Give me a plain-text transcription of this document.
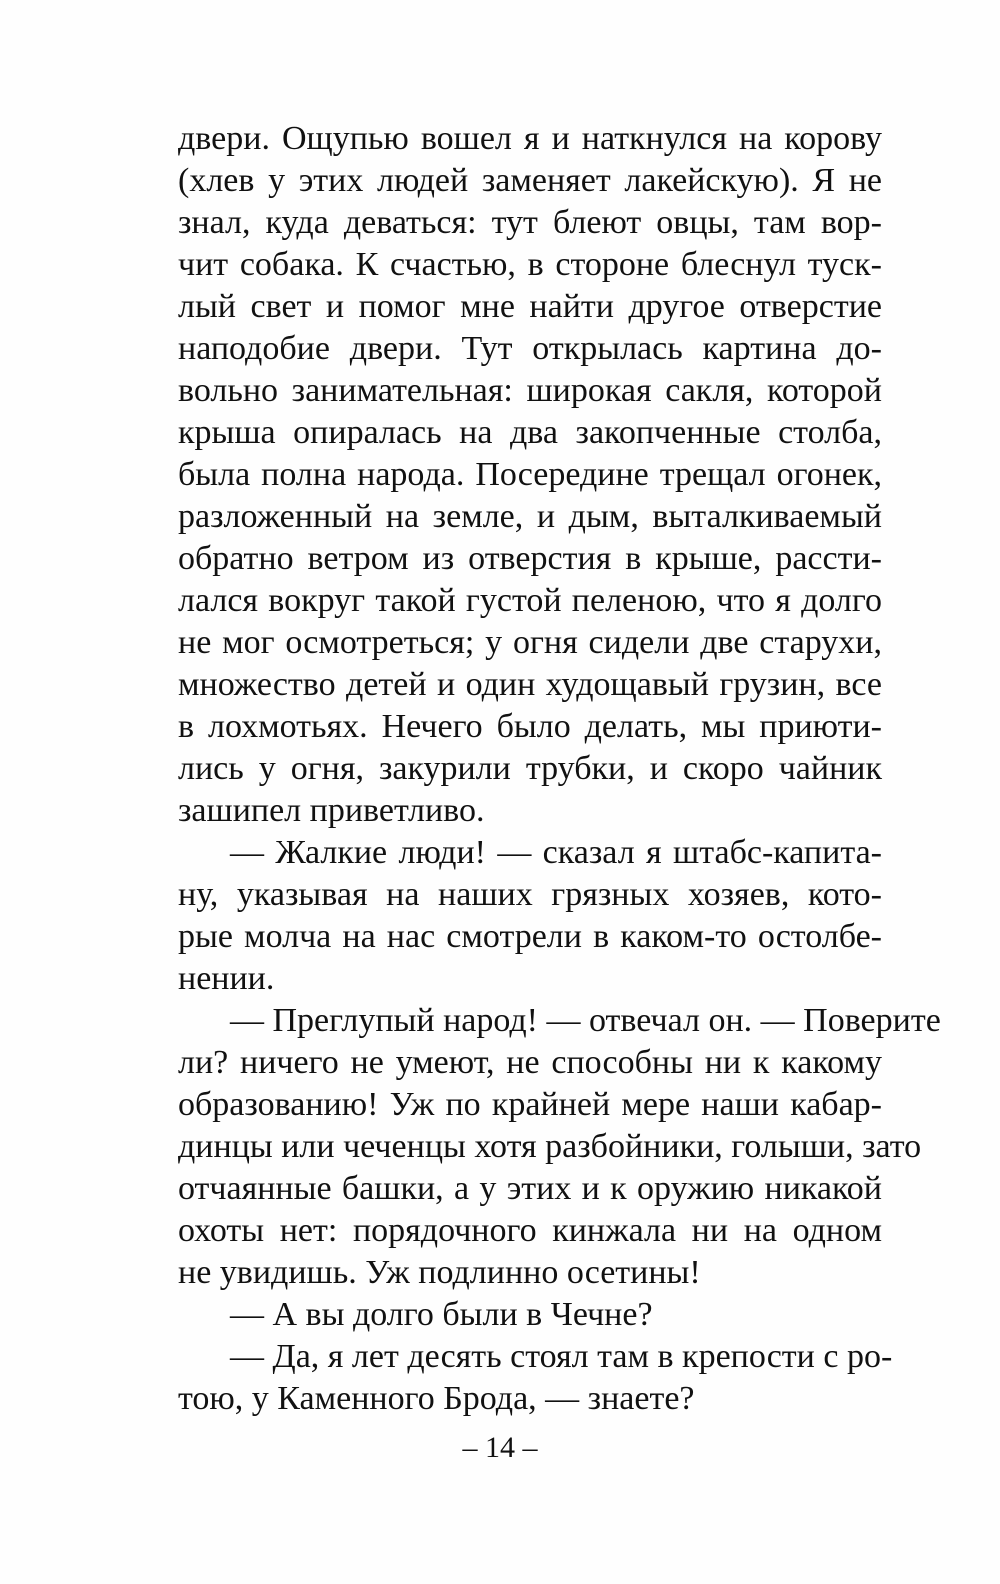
двери. Ощупью вошел я и наткнулся на корову
(хлев у этих людей заменяет лакейскую). Я не
знал, куда деваться: тут блеют овцы, там вор-
чит собака. К счастью, в стороне блеснул туск-
лый свет и помог мне найти другое отверстие
наподобие двери. Тут открылась картина до-
вольно занимательная: широкая сакля, которой
крыша опиралась на два закопченные столба,
была полна народа. Посередине трещал огонек,
разложенный на земле, и дым, выталкиваемый
обратно ветром из отверстия в крыше, рассти-
лался вокруг такой густой пеленою, что я долго
не мог осмотреться; у огня сидели две старухи,
множество детей и один худощавый грузин, все
в лохмотьях. Нечего было делать, мы приюти-
лись у огня, закурили трубки, и скоро чайник
зашипел приветливо.
— Жалкие люди! — сказал я штабс-капита-
ну, указывая на наших грязных хозяев, кото-
рые молча на нас смотрели в каком-то остолбе-
нении.
— Преглупый народ! — отвечал он. — Поверите
ли? ничего не умеют, не способны ни к какому
образованию! Уж по крайней мере наши кабар-
динцы или чеченцы хотя разбойники, голыши, зато
отчаянные башки, а у этих и к оружию никакой
охоты нет: порядочного кинжала ни на одном
не увидишь. Уж подлинно осетины!
— А вы долго были в Чечне?
— Да, я лет десять стоял там в крепости с ро-
тою, у Каменного Брода, — знаете?
– 14 –
